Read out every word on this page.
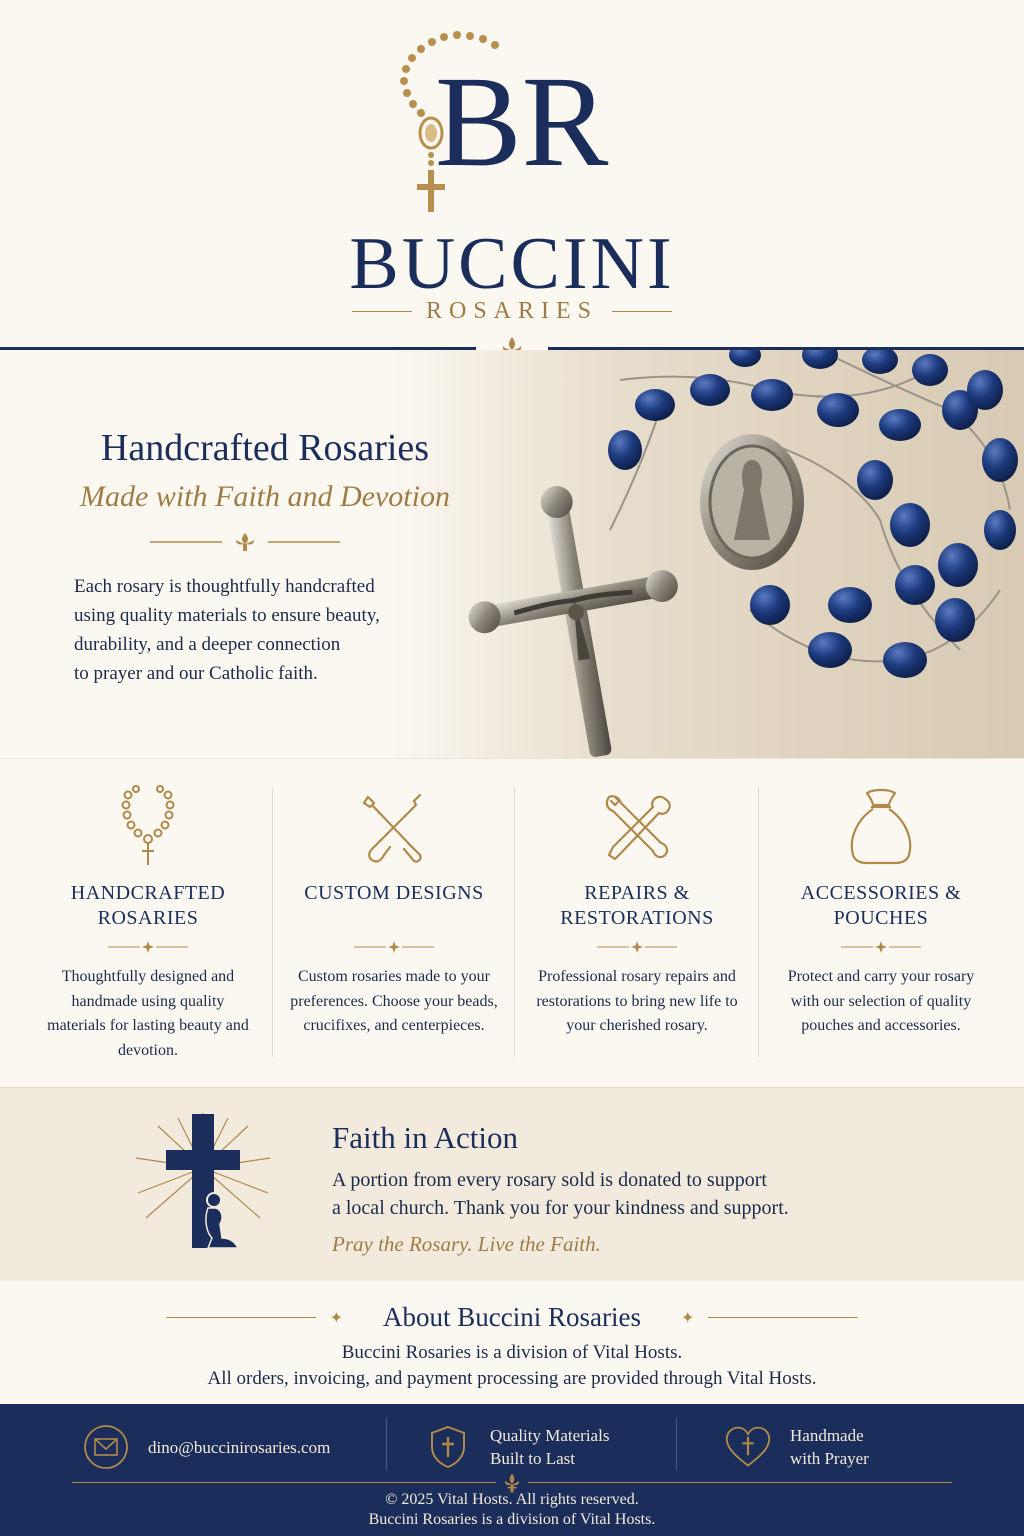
BR
BUCCINI
ROSARIES
Handcrafted Rosaries
Made with Faith and Devotion

Each rosary is thoughtfully handcrafted

using quality materials to ensure beauty,

durability, and a deeper connection

to prayer and our Catholic faith.

HANDCRAFTED
ROSARIES
Thoughtfully designed and handmade using quality materials for lasting beauty and devotion.
CUSTOM DESIGNS
Custom rosaries made to your preferences. Choose your beads, crucifixes, and centerpieces.
REPAIRS &
RESTORATIONS
Professional rosary repairs and restorations to bring new life to your cherished rosary.
ACCESSORIES &
POUCHES
Protect and carry your rosary with our selection of quality pouches and accessories.
Faith in Action
A portion from every rosary sold is donated to support
a local church. Thank you for your kindness and support.
Pray the Rosary. Live the Faith.
✦ About Buccini Rosaries	✦
Buccini Rosaries is a division of Vital Hosts.
All orders, invoicing, and payment processing are provided through Vital Hosts.
dino@buccinirosaries.com
Quality Materials
Built to Last
Handmade
with Prayer
© 2025 Vital Hosts. All rights reserved.
Buccini Rosaries is a division of Vital Hosts.
